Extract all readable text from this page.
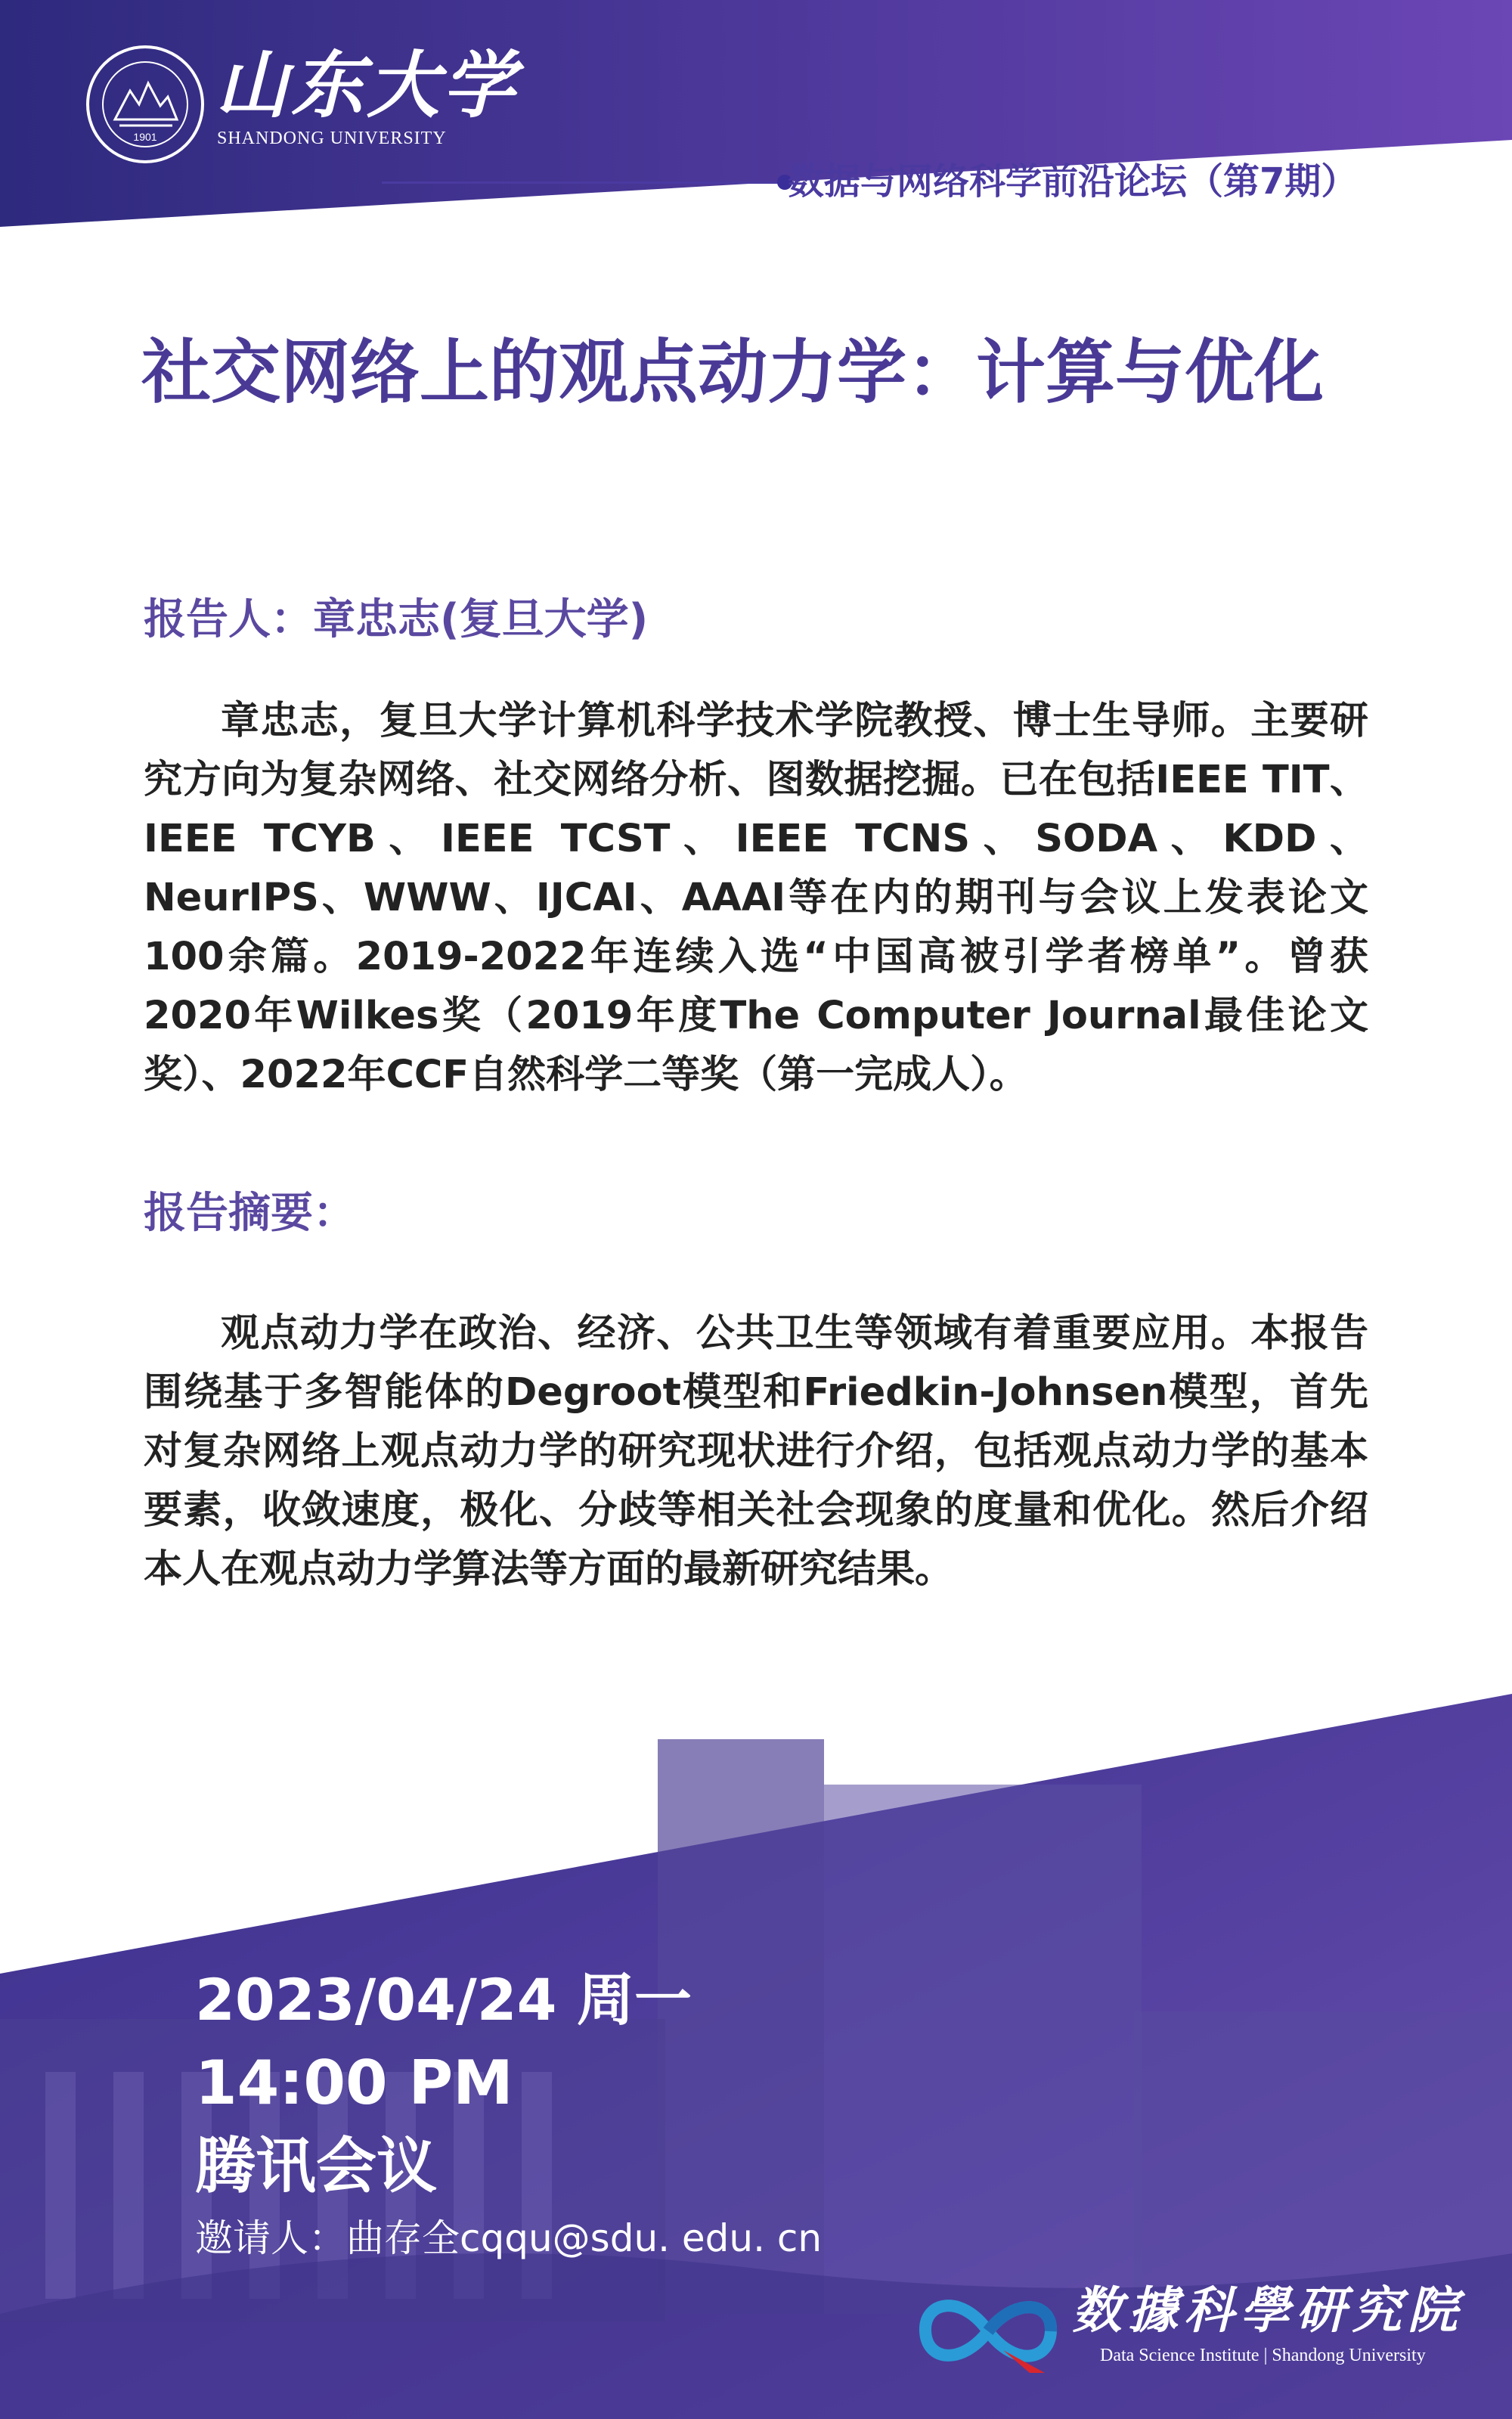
1901
山东大学
SHANDONG UNIVERSITY
数据与网络科学前沿论坛（第7期）
社交网络上的观点动力学：计算与优化
报告人：章忠志(复旦大学)
章忠志，复旦大学计算机科学技术学院教授、博士生导师。主要研究方向为复杂网络、社交网络分析、图数据挖掘。已在包括IEEE TIT、IEEE TCYB、IEEE TCST、IEEE TCNS、SODA、KDD、NeurIPS、WWW、IJCAI、AAAI等在内的期刊与会议上发表论文100余篇。2019-2022年连续入选“中国高被引学者榜单”。曾获2020年Wilkes奖（2019年度The Computer Journal最佳论文奖）、2022年CCF自然科学二等奖（第一完成人）。
报告摘要：
观点动力学在政治、经济、公共卫生等领域有着重要应用。本报告围绕基于多智能体的Degroot模型和Friedkin-Johnsen模型，首先对复杂网络上观点动力学的研究现状进行介绍，包括观点动力学的基本要素，收敛速度，极化、分歧等相关社会现象的度量和优化。然后介绍本人在观点动力学算法等方面的最新研究结果。
2023/04/24 周一
14:00 PM
腾讯会议
邀请人：曲存全cqqu@sdu. edu. cn
数據科學研究院
Data Science Institute | Shandong University
